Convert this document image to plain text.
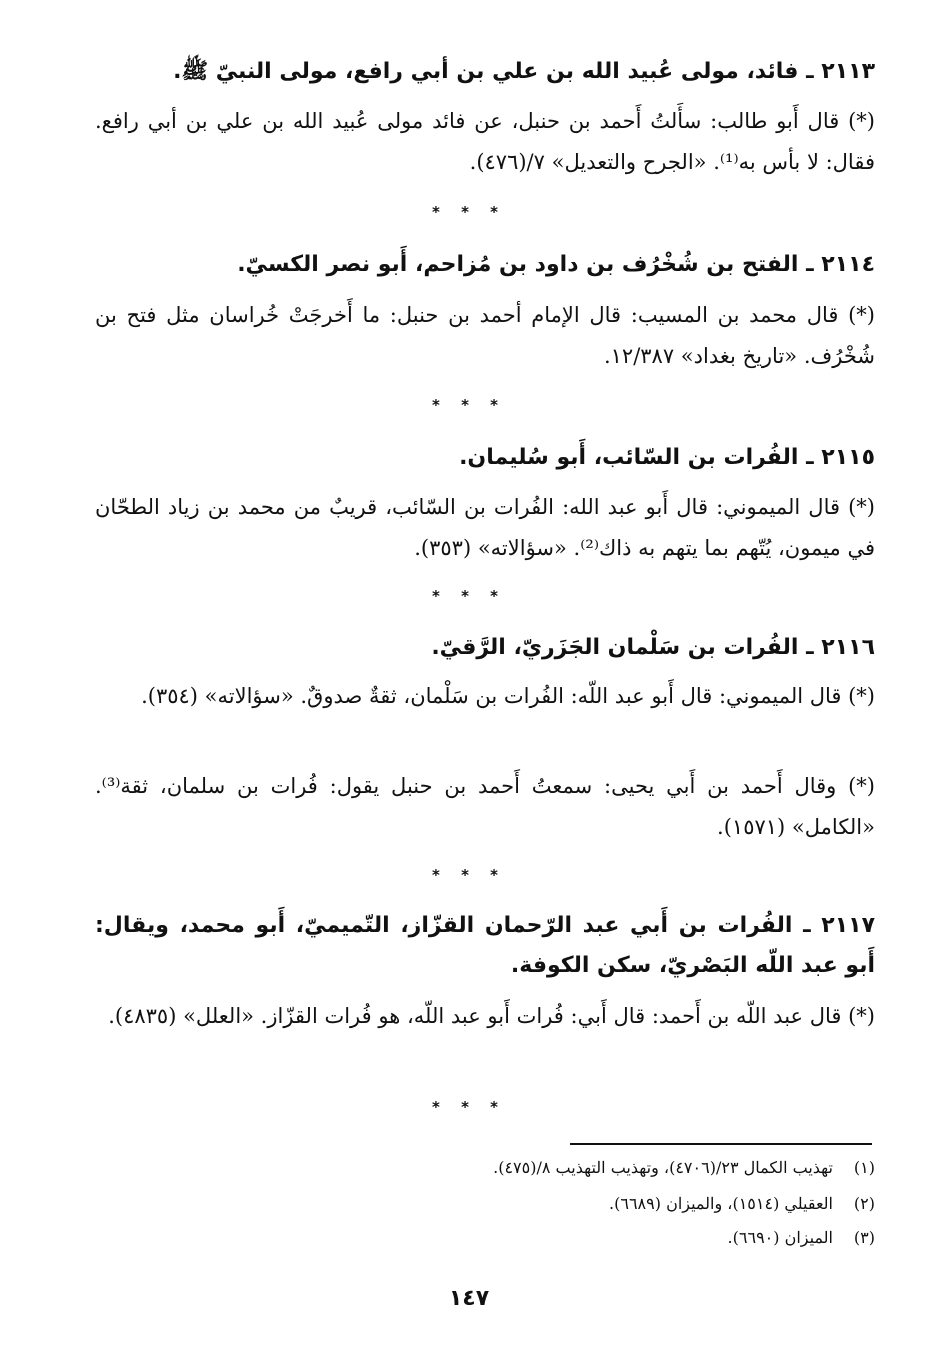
٢١١٣ ـ فائد، مولى عُبيد الله بن علي بن أبي رافع، مولى النبيّ ﷺ.
(*) قال أَبو طالب: سأَلتُ أَحمد بن حنبل، عن فائد مولى عُبيد الله بن علي بن أبي رافع. فقال: لا بأس به⁽¹⁾. «الجرح والتعديل» ٧/(٤٧٦).
* * *
٢١١٤ ـ الفتح بن شُخْرُف بن داود بن مُزاحم، أَبو نصر الكسيّ.
(*) قال محمد بن المسيب: قال الإمام أحمد بن حنبل: ما أَخرجَتْ خُراسان مثل فتح بن شُخْرُف. «تاريخ بغداد» ١٢/٣٨٧.
* * *
٢١١٥ ـ الفُرات بن السّائب، أَبو سُليمان.
(*) قال الميموني: قال أَبو عبد الله: الفُرات بن السّائب، قريبٌ من محمد بن زياد الطحّان في ميمون، يُتّهم بما يتهم به ذاك⁽²⁾. «سؤالاته» (٣٥٣).
* * *
٢١١٦ ـ الفُرات بن سَلْمان الجَزَريّ، الرَّقيّ.
(*) قال الميموني: قال أَبو عبد اللّه: الفُرات بن سَلْمان، ثقةٌ صدوقٌ. «سؤالاته» (٣٥٤).
(*) وقال أَحمد بن أَبي يحيى: سمعتُ أَحمد بن حنبل يقول: فُرات بن سلمان، ثقة⁽³⁾. «الكامل» (١٥٧١).
* * *
٢١١٧ ـ الفُرات بن أَبي عبد الرّحمان القزّاز، التّميميّ، أَبو محمد، ويقال: أَبو عبد اللّه البَصْريّ، سكن الكوفة.
(*) قال عبد اللّه بن أَحمد: قال أَبي: فُرات أَبو عبد اللّه، هو فُرات القزّاز. «العلل» (٤٨٣٥).
* * *
(١)تهذيب الكمال ٢٣/(٤٧٠٦)، وتهذيب التهذيب ٨/(٤٧٥).
(٢)العقيلي (١٥١٤)، والميزان (٦٦٨٩).
(٣)الميزان (٦٦٩٠).
١٤٧
